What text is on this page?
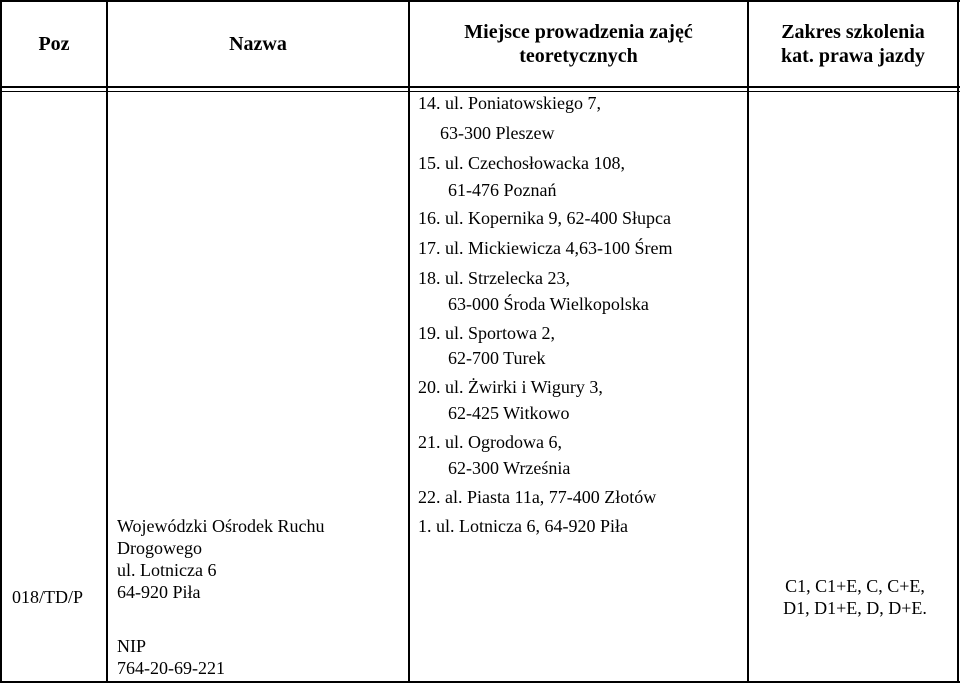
Poz	Nazwa
Miejsce prowadzenia zajęć
teoretycznych
Zakres szkolenia
kat. prawa jazdy
018/TD/P
Wojewódzki Ośrodek Ruchu
Drogowego
ul. Lotnicza 6
64-920 Piła
NIP
764-20-69-221
14. ul. Poniatowskiego 7,
63-300 Pleszew
15. ul. Czechosłowacka 108,
61-476 Poznań
16. ul. Kopernika 9, 62-400 Słupca
17. ul. Mickiewicza 4,63-100 Śrem
18. ul. Strzelecka 23,
63-000 Środa Wielkopolska
19. ul. Sportowa 2,
62-700 Turek
20. ul. Żwirki i Wigury 3,
62-425 Witkowo
21. ul. Ogrodowa 6,
62-300 Września
22. al. Piasta 11a, 77-400 Złotów
1. ul. Lotnicza 6, 64-920 Piła
C1, C1+E, C, C+E,
D1, D1+E, D, D+E.
